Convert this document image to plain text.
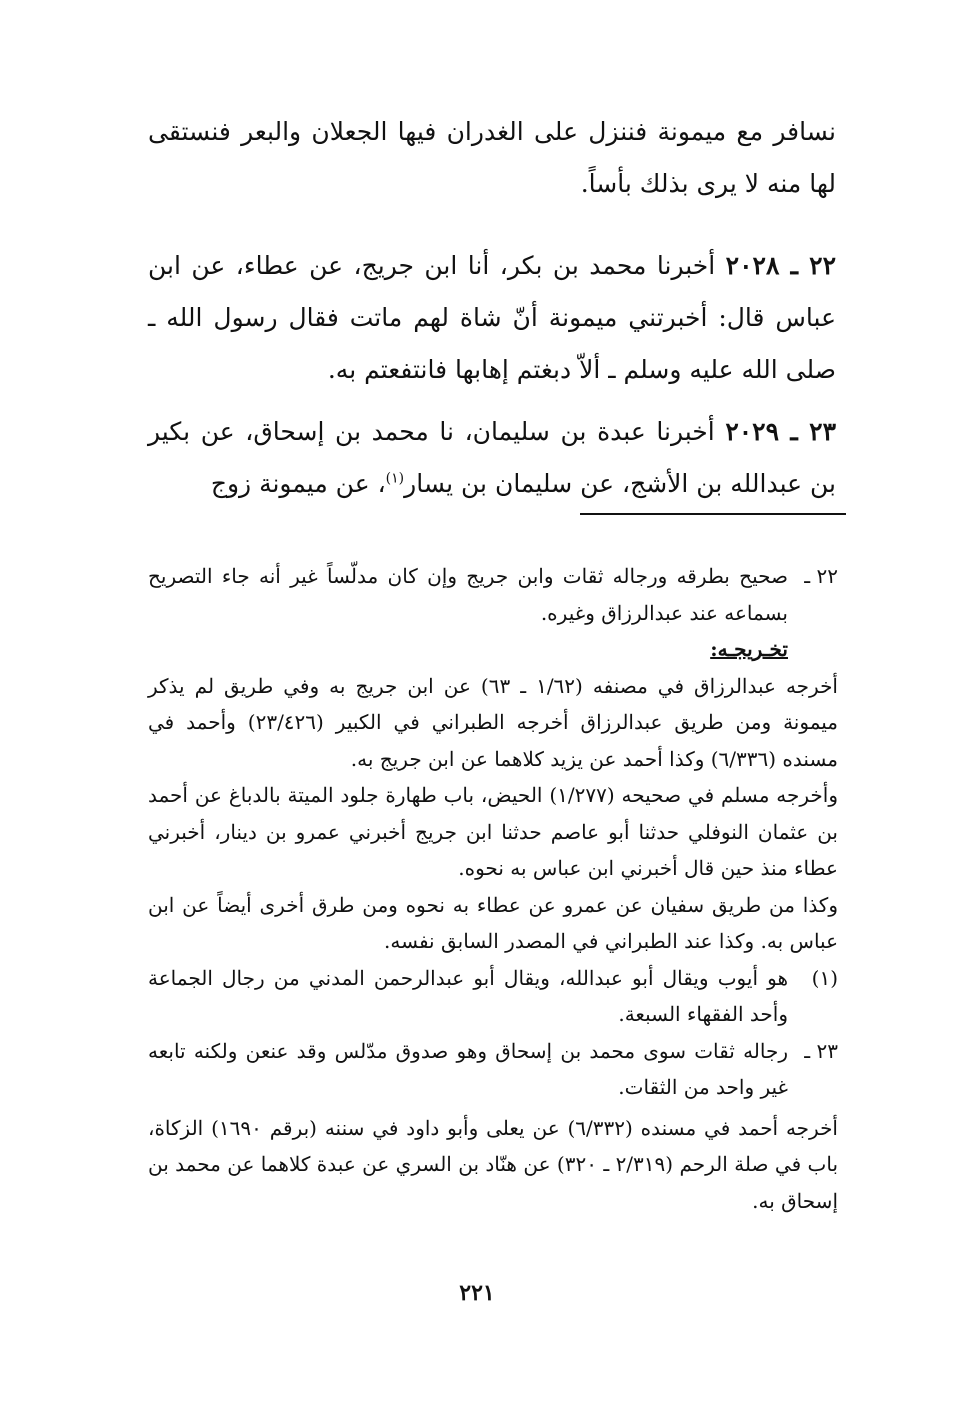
نسافر مع ميمونة فننزل على الغدران فيها الجعلان والبعر فنستقى لها منه لا يرى بذلك بأساً.

٢٢ ـ ٢٠٢٨ أخبرنا محمد بن بكر، أنا ابن جريج، عن عطاء، عن ابن عباس قال: أخبرتني ميمونة أنّ شاة لهم ماتت فقال رسول الله ـ صلى الله عليه وسلم ـ ألاّ دبغتم إهابها فانتفعتم به.

٢٣ ـ ٢٠٢٩ أخبرنا عبدة بن سليمان، نا محمد بن إسحاق، عن بكير بن عبدالله بن الأشج، عن سليمان بن يسار$^{(١)}$، عن ميمونة زوج

٢٢ ـ
صحيح بطرقه ورجاله ثقات وابن جريج وإن كان مدلّساً غير أنه جاء التصريح بسماعه عند عبدالرزاق وغيره.
تخـريجـه:
أخرجه عبدالرزاق في مصنفه (١/٦٢ ـ ٦٣) عن ابن جريج به وفي طريق لم يذكر ميمونة ومن طريق عبدالرزاق أخرجه الطبراني في الكبير (٢٣/٤٢٦) وأحمد في مسنده (٦/٣٣٦) وكذا أحمد عن يزيد كلاهما عن ابن جريج به.
وأخرجه مسلم في صحيحه (١/٢٧٧) الحيض، باب طهارة جلود الميتة بالدباغ عن أحمد بن عثمان النوفلي حدثنا أبو عاصم حدثنا ابن جريج أخبرني عمرو بن دينار، أخبرني عطاء منذ حين قال أخبرني ابن عباس به نحوه.
وكذا من طريق سفيان عن عمرو عن عطاء به نحوه ومن طرق أخرى أيضاً عن ابن عباس به. وكذا عند الطبراني في المصدر السابق نفسه.
(١)
هو أيوب ويقال أبو عبدالله، ويقال أبو عبدالرحمن المدني من رجال الجماعة وأحد الفقهاء السبعة.
٢٣ ـ
رجاله ثقات سوى محمد بن إسحاق وهو صدوق مدّلس وقد عنعن ولكنه تابعه غير واحد من الثقات.
أخرجه أحمد في مسنده (٦/٣٣٢) عن يعلى وأبو داود في سننه (برقم ١٦٩٠) الزكاة، باب في صلة الرحم (٢/٣١٩ ـ ٣٢٠) عن هنّاد بن السري عن عبدة كلاهما عن محمد بن إسحاق به.
٢٢١
